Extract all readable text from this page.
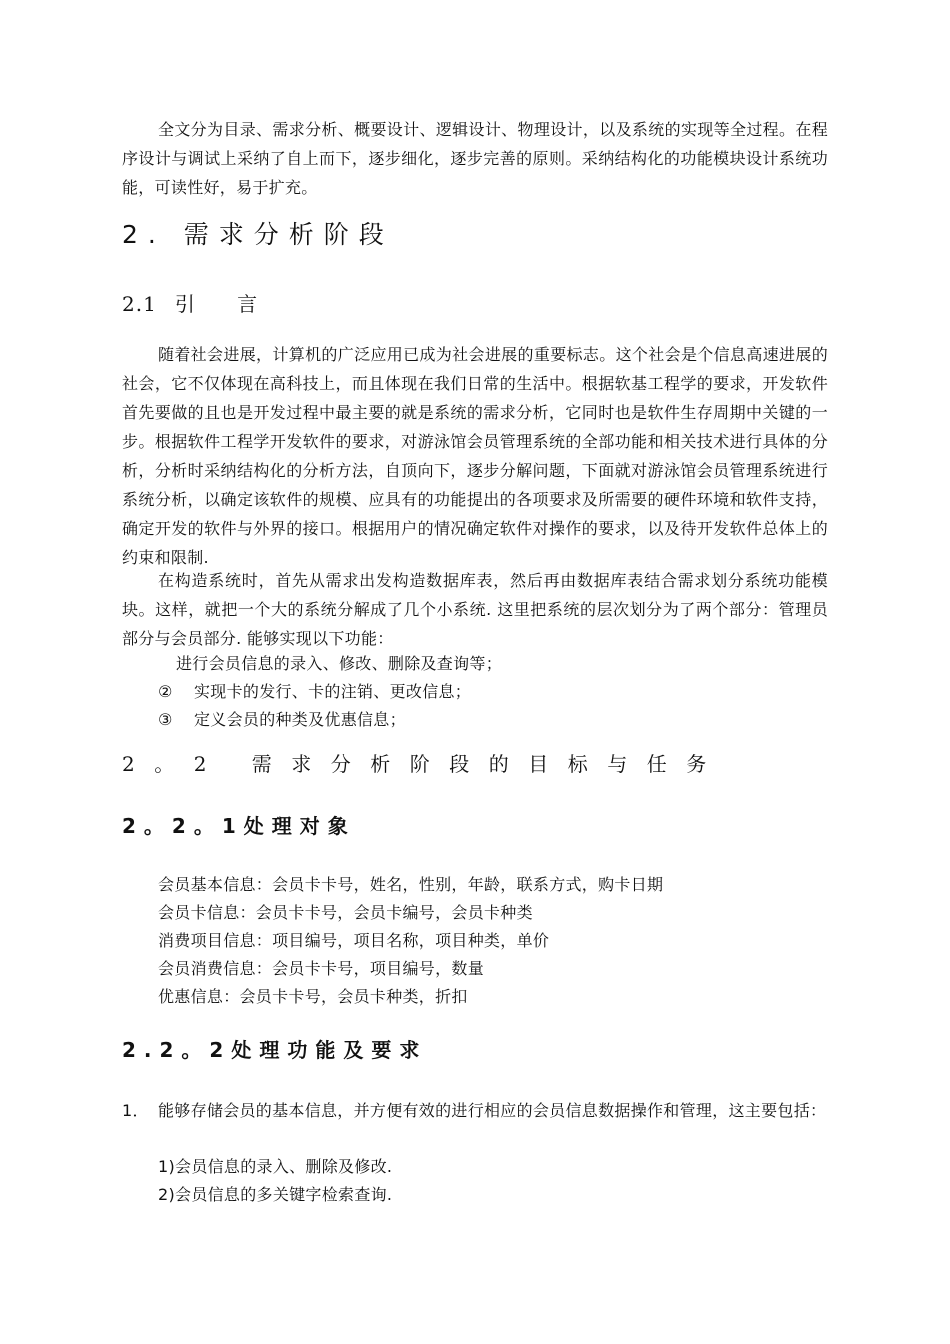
全文分为目录、需求分析、概要设计、逻辑设计、物理设计，以及系统的实现等全过程。在程序设计与调试上采纳了自上而下，逐步细化，逐步完善的原则。采纳结构化的功能模块设计系统功能，可读性好，易于扩充。

2. 需求分析阶段
2.1 引 言

随着社会进展，计算机的广泛应用已成为社会进展的重要标志。这个社会是个信息高速进展的社会，它不仅体现在高科技上，而且体现在我们日常的生活中。根据软基工程学的要求，开发软件首先要做的且也是开发过程中最主要的就是系统的需求分析，它同时也是软件生存周期中关键的一步。根据软件工程学开发软件的要求，对游泳馆会员管理系统的全部功能和相关技术进行具体的分析，分析时采纳结构化的分析方法，自顶向下，逐步分解问题，下面就对游泳馆会员管理系统进行系统分析，以确定该软件的规模、应具有的功能提出的各项要求及所需要的硬件环境和软件支持，确定开发的软件与外界的接口。根据用户的情况确定软件对操作的要求，以及待开发软件总体上的约束和限制.

在构造系统时，首先从需求出发构造数据库表，然后再由数据库表结合需求划分系统功能模块。这样，就把一个大的系统分解成了几个小系统. 这里把系统的层次划分为了两个部分：管理员部分与会员部分. 能够实现以下功能：

进行会员信息的录入、修改、删除及查询等；
② 实现卡的发行、卡的注销、更改信息；
③ 定义会员的种类及优惠信息；
2。2 需求分析阶段的目标与任务
2。2。1处理对象
会员基本信息：会员卡卡号，姓名，性别，年龄，联系方式，购卡日期
会员卡信息：会员卡卡号，会员卡编号，会员卡种类
消费项目信息：项目编号，项目名称，项目种类，单价
会员消费信息：会员卡卡号，项目编号，数量
优惠信息：会员卡卡号，会员卡种类，折扣
2.2。2处理功能及要求
1． 能够存储会员的基本信息，并方便有效的进行相应的会员信息数据操作和管理，这主要包括：
1)会员信息的录入、删除及修改.
2)会员信息的多关键字检索查询.
